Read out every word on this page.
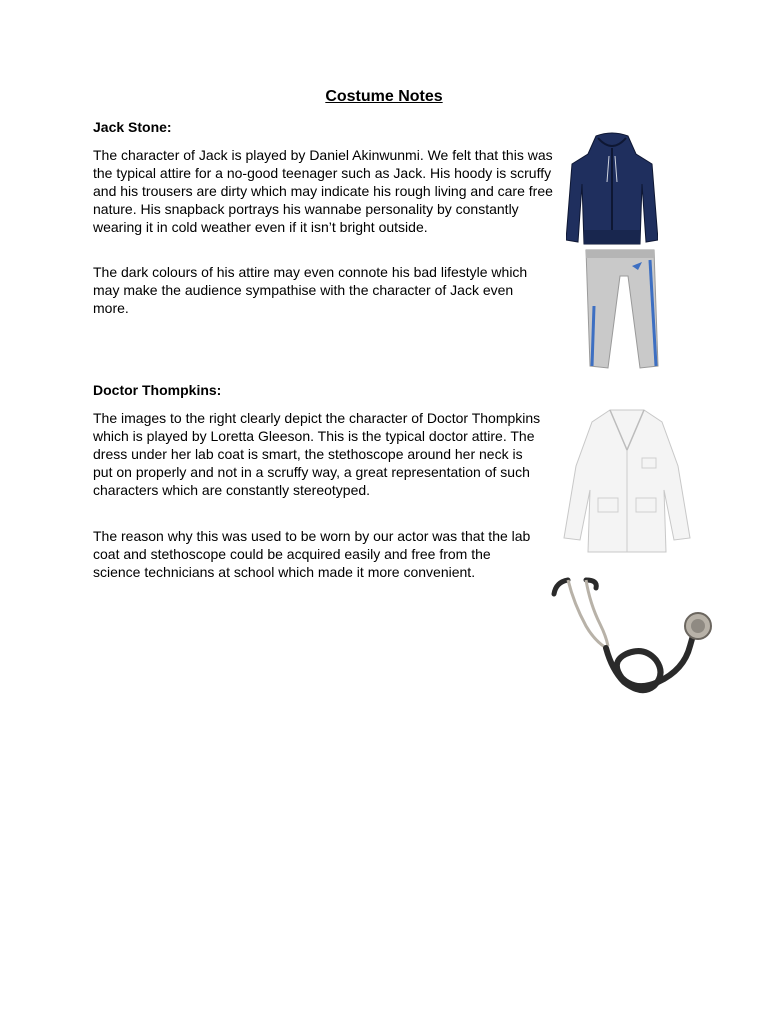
Costume Notes

Jack Stone:

The character of Jack is played by Daniel Akinwunmi. We felt that this was the typical attire for a no-good teenager such as Jack. His hoody is scruffy and his trousers are dirty which may indicate his rough living and care free nature. His snapback portrays his wannabe personality by constantly wearing it in cold weather even if it isn’t bright outside.

The dark colours of his attire may even connote his bad lifestyle which may make the audience sympathise with the character of Jack even more.

Doctor Thompkins:

The images to the right clearly depict the character of Doctor Thompkins which is played by Loretta Gleeson. This is the typical doctor attire. The dress under her lab coat is smart, the stethoscope around her neck is put on properly and not in a scruffy way, a great representation of such characters which are constantly stereotyped.

The reason why this was used to be worn by our actor was that the lab coat and stethoscope could be acquired easily and free from the science technicians at school which made it more convenient.
